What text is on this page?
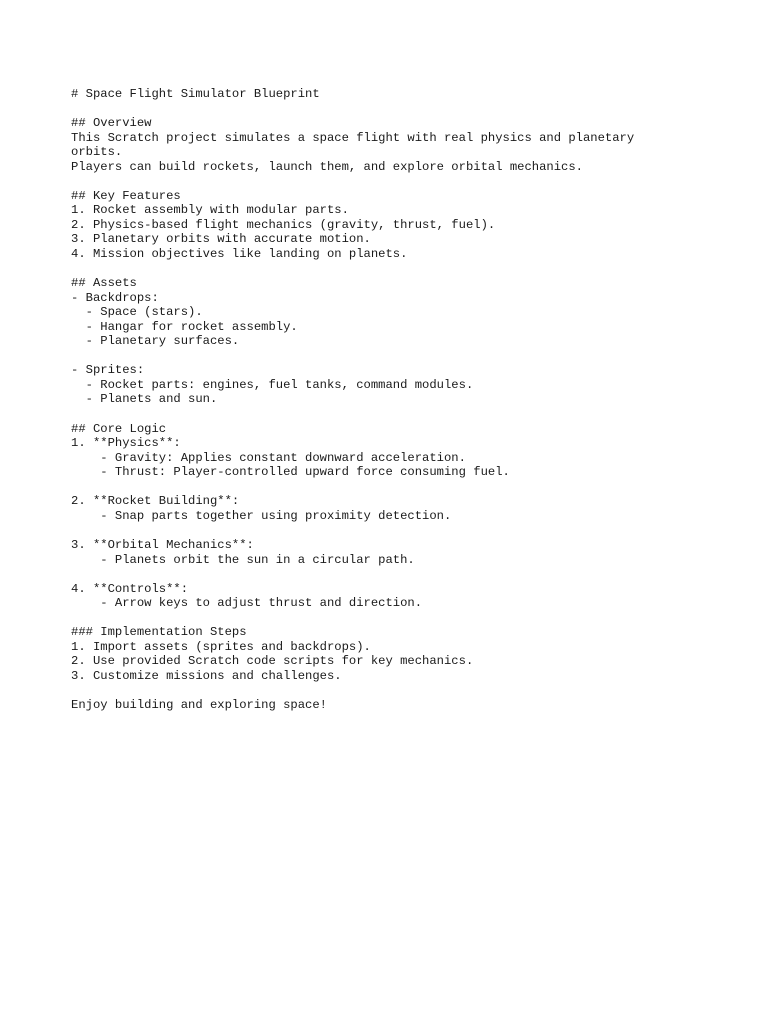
# Space Flight Simulator Blueprint
## Overview
This Scratch project simulates a space flight with real physics and planetary
orbits.
Players can build rockets, launch them, and explore orbital mechanics.
## Key Features
1. Rocket assembly with modular parts.
2. Physics-based flight mechanics (gravity, thrust, fuel).
3. Planetary orbits with accurate motion.
4. Mission objectives like landing on planets.
## Assets
- Backdrops:
- Space (stars).
- Hangar for rocket assembly.
- Planetary surfaces.
- Sprites:
- Rocket parts: engines, fuel tanks, command modules.
- Planets and sun.
## Core Logic
1. **Physics**:
- Gravity: Applies constant downward acceleration.
- Thrust: Player-controlled upward force consuming fuel.
2. **Rocket Building**:
- Snap parts together using proximity detection.
3. **Orbital Mechanics**:
- Planets orbit the sun in a circular path.
4. **Controls**:
- Arrow keys to adjust thrust and direction.
### Implementation Steps
1. Import assets (sprites and backdrops).
2. Use provided Scratch code scripts for key mechanics.
3. Customize missions and challenges.
Enjoy building and exploring space!
